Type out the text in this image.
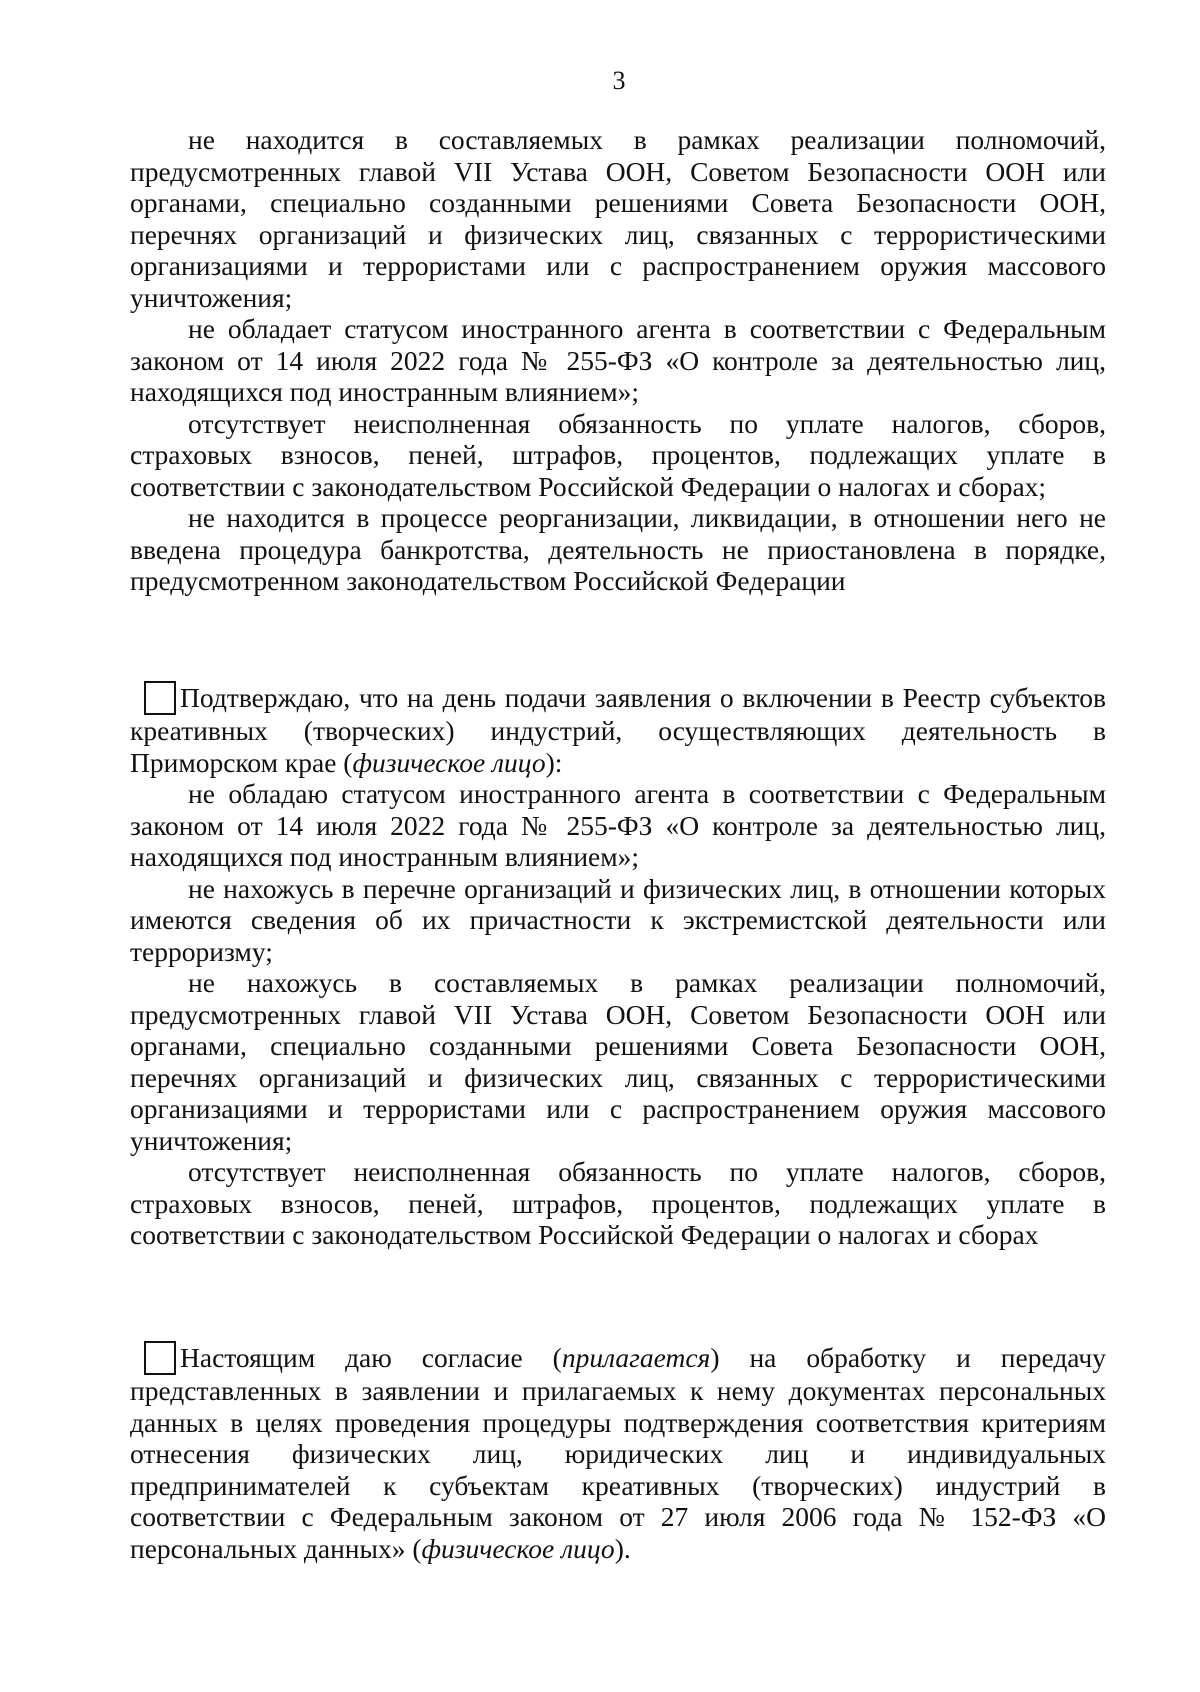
3

не находится в составляемых в рамках реализации полномочий, предусмотренных главой VII Устава ООН, Советом Безопасности ООН или органами, специально созданными решениями Совета Безопасности ООН, перечнях организаций и физических лиц, связанных с террористическими организациями и террористами или с распространением оружия массового уничтожения;

не обладает статусом иностранного агента в соответствии с Федеральным законом от 14 июля 2022 года № 255-ФЗ «О контроле за деятельностью лиц, находящихся под иностранным влиянием»;

отсутствует неисполненная обязанность по уплате налогов, сборов, страховых взносов, пеней, штрафов, процентов, подлежащих уплате в соответствии с законодательством Российской Федерации о налогах и сборах;

не находится в процессе реорганизации, ликвидации, в отношении него не введена процедура банкротства, деятельность не приостановлена в порядке, предусмотренном законодательством Российской Федерации

Подтверждаю, что на день подачи заявления о включении в Реестр субъектов креативных (творческих) индустрий, осуществляющих деятельность в Приморском крае (физическое лицо):

не обладаю статусом иностранного агента в соответствии с Федеральным законом от 14 июля 2022 года № 255-ФЗ «О контроле за деятельностью лиц, находящихся под иностранным влиянием»;

не нахожусь в перечне организаций и физических лиц, в отношении которых имеются сведения об их причастности к экстремистской деятельности или терроризму;

не нахожусь в составляемых в рамках реализации полномочий, предусмотренных главой VII Устава ООН, Советом Безопасности ООН или органами, специально созданными решениями Совета Безопасности ООН, перечнях организаций и физических лиц, связанных с террористическими организациями и террористами или с распространением оружия массового уничтожения;

отсутствует неисполненная обязанность по уплате налогов, сборов, страховых взносов, пеней, штрафов, процентов, подлежащих уплате в соответствии с законодательством Российской Федерации о налогах и сборах

Настоящим даю согласие (прилагается) на обработку и передачу представленных в заявлении и прилагаемых к нему документах персональных данных в целях проведения процедуры подтверждения соответствия критериям отнесения физических лиц, юридических лиц и индивидуальных предпринимателей к субъектам креативных (творческих) индустрий в соответствии с Федеральным законом от 27 июля 2006 года № 152-ФЗ «О персональных данных» (физическое лицо).
